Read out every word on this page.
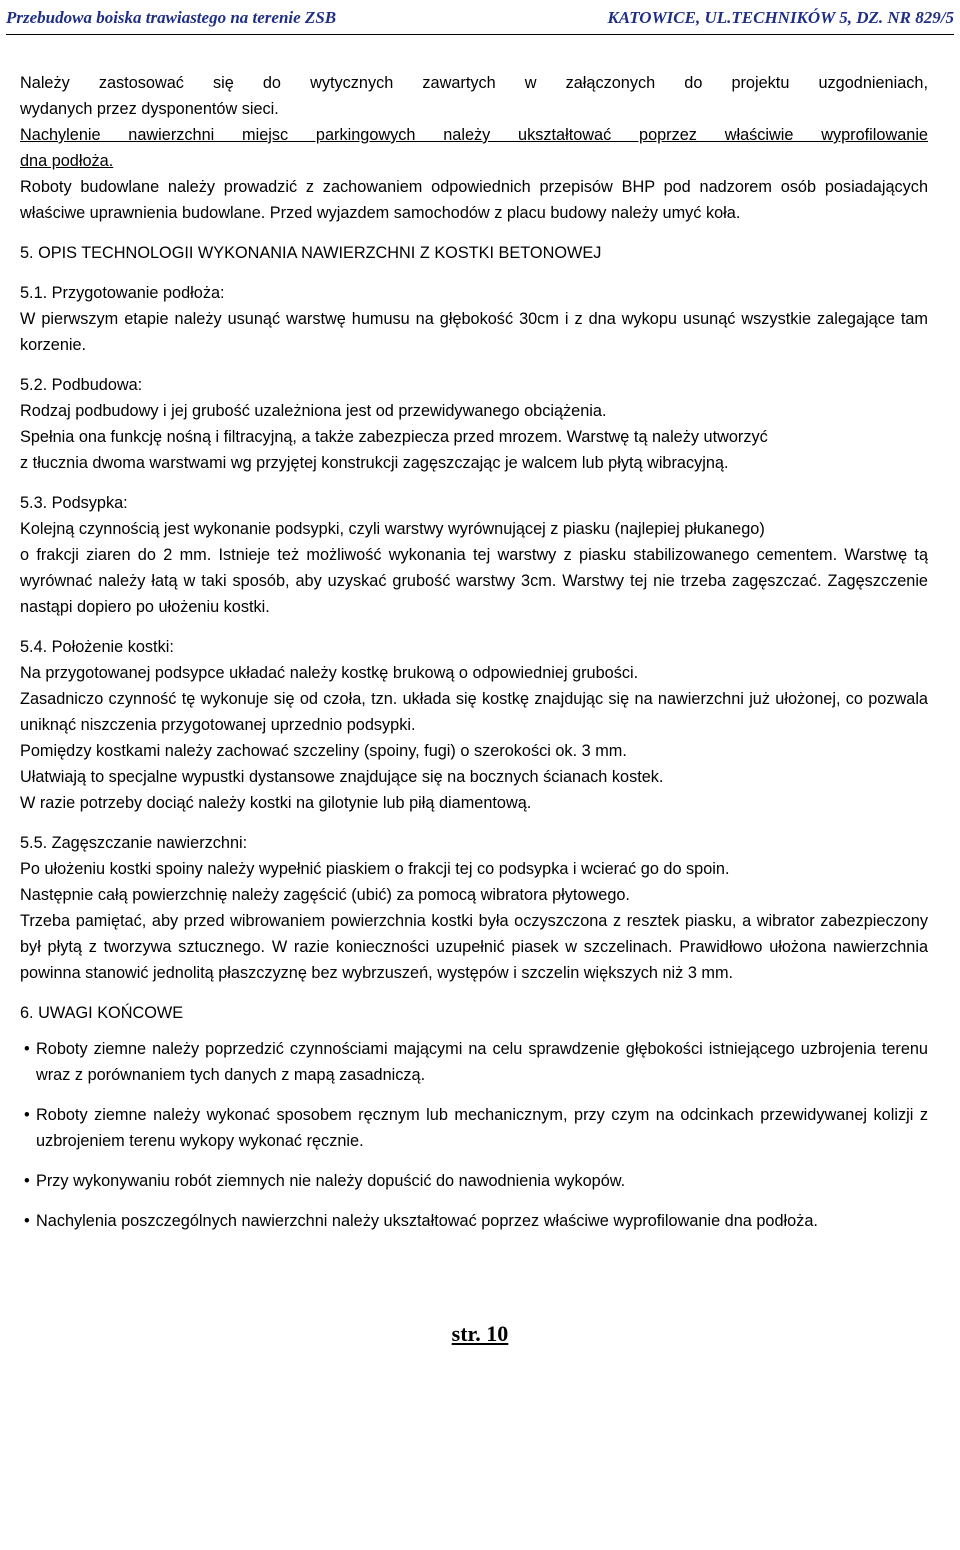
Przebudowa boiska trawiastego na terenie ZSB	KATOWICE, UL.TECHNIKÓW 5, DZ. NR 829/5

Należy zastosować się do wytycznych zawartych w załączonych do projektu uzgodnieniach,

wydanych przez dysponentów sieci.

Nachylenie nawierzchni miejsc parkingowych należy ukształtować poprzez właściwie wyprofilowanie

dna podłoża.

Roboty budowlane należy prowadzić z zachowaniem odpowiednich przepisów BHP pod nadzorem osób posiadających właściwe uprawnienia budowlane. Przed wyjazdem samochodów z placu budowy należy umyć koła.

5. OPIS TECHNOLOGII WYKONANIA NAWIERZCHNI Z KOSTKI BETONOWEJ

5.1. Przygotowanie podłoża:

W pierwszym etapie należy usunąć warstwę humusu na głębokość 30cm i z dna wykopu usunąć wszystkie zalegające tam korzenie.

5.2. Podbudowa:

Rodzaj podbudowy i jej grubość uzależniona jest od przewidywanego obciążenia.

Spełnia ona funkcję nośną i filtracyjną, a także zabezpiecza przed mrozem. Warstwę tą należy utworzyć

z tłucznia dwoma warstwami wg przyjętej konstrukcji zagęszczając je walcem lub płytą wibracyjną.

5.3. Podsypka:

Kolejną czynnością jest wykonanie podsypki, czyli warstwy wyrównującej z piasku (najlepiej płukanego)

o frakcji ziaren do 2 mm. Istnieje też możliwość wykonania tej warstwy z piasku stabilizowanego cementem. Warstwę tą wyrównać należy łatą w taki sposób, aby uzyskać grubość warstwy 3cm. Warstwy tej nie trzeba zagęszczać. Zagęszczenie nastąpi dopiero po ułożeniu kostki.

5.4. Położenie kostki:

Na przygotowanej podsypce układać należy kostkę brukową o odpowiedniej grubości.

Zasadniczo czynność tę wykonuje się od czoła, tzn. układa się kostkę znajdując się na nawierzchni już ułożonej, co pozwala uniknąć niszczenia przygotowanej uprzednio podsypki.

Pomiędzy kostkami należy zachować szczeliny (spoiny, fugi) o szerokości ok. 3 mm.

Ułatwiają to specjalne wypustki dystansowe znajdujące się na bocznych ścianach kostek.

W razie potrzeby dociąć należy kostki na gilotynie lub piłą diamentową.

5.5. Zagęszczanie nawierzchni:

Po ułożeniu kostki spoiny należy wypełnić piaskiem o frakcji tej co podsypka i wcierać go do spoin.

Następnie całą powierzchnię należy zagęścić (ubić) za pomocą wibratora płytowego.

Trzeba pamiętać, aby przed wibrowaniem powierzchnia kostki była oczyszczona z resztek piasku, a wibrator zabezpieczony był płytą z tworzywa sztucznego. W razie konieczności uzupełnić piasek w szczelinach. Prawidłowo ułożona nawierzchnia powinna stanowić jednolitą płaszczyznę bez wybrzuszeń, występów i szczelin większych niż 3 mm.

6. UWAGI KOŃCOWE

• Roboty ziemne należy poprzedzić czynnościami mającymi na celu sprawdzenie głębokości istniejącego uzbrojenia terenu wraz z porównaniem tych danych z mapą zasadniczą.

• Roboty ziemne należy wykonać sposobem ręcznym lub mechanicznym, przy czym na odcinkach przewidywanej kolizji z uzbrojeniem terenu wykopy wykonać ręcznie.

• Przy wykonywaniu robót ziemnych nie należy dopuścić do nawodnienia wykopów.

• Nachylenia poszczególnych nawierzchni należy ukształtować poprzez właściwe wyprofilowanie dna podłoża.

str. 10
